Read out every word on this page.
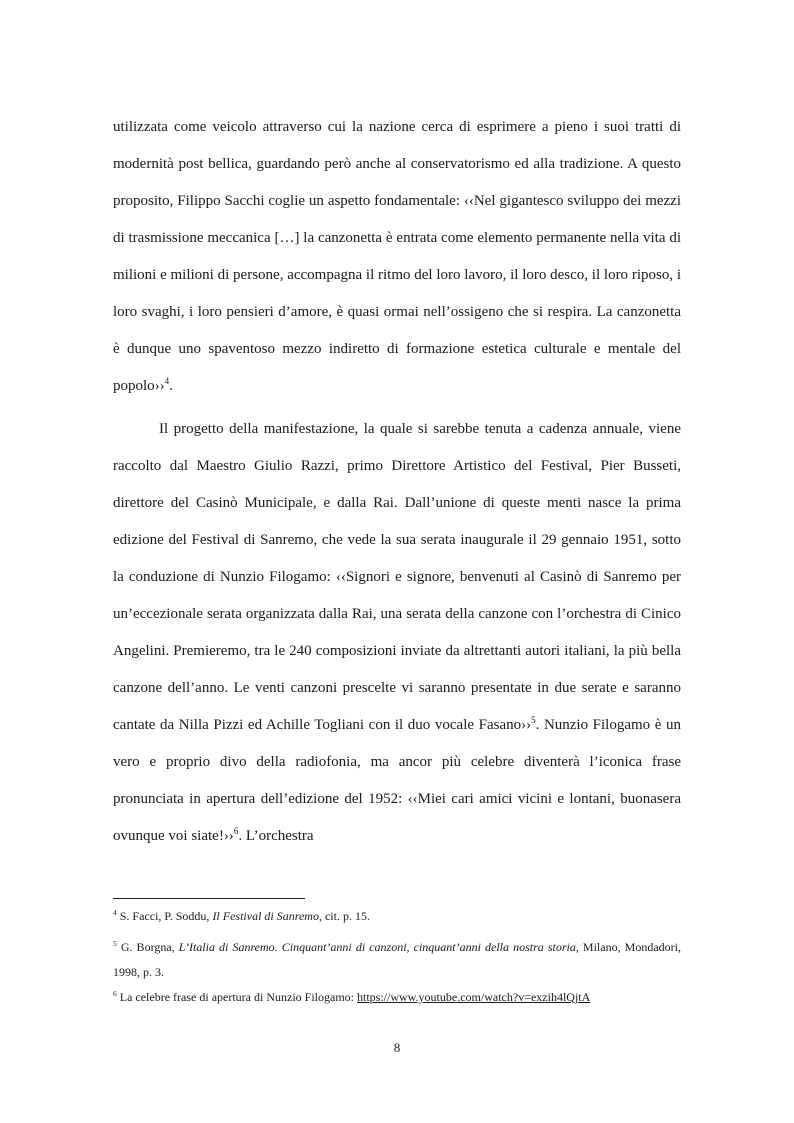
utilizzata come veicolo attraverso cui la nazione cerca di esprimere a pieno i suoi tratti di modernità post bellica, guardando però anche al conservatorismo ed alla tradizione. A questo proposito, Filippo Sacchi coglie un aspetto fondamentale: ‹‹Nel gigantesco sviluppo dei mezzi di trasmissione meccanica […] la canzonetta è entrata come elemento permanente nella vita di milioni e milioni di persone, accompagna il ritmo del loro lavoro, il loro desco, il loro riposo, i loro svaghi, i loro pensieri d’amore, è quasi ormai nell’ossigeno che si respira. La canzonetta è dunque uno spaventoso mezzo indiretto di formazione estetica culturale e mentale del popolo››$^4$.

Il progetto della manifestazione, la quale si sarebbe tenuta a cadenza annuale, viene raccolto dal Maestro Giulio Razzi, primo Direttore Artistico del Festival, Pier Busseti, direttore del Casinò Municipale, e dalla Rai. Dall’unione di queste menti nasce la prima edizione del Festival di Sanremo, che vede la sua serata inaugurale il 29 gennaio 1951, sotto la conduzione di Nunzio Filogamo: ‹‹Signori e signore, benvenuti al Casinò di Sanremo per un’eccezionale serata organizzata dalla Rai, una serata della canzone con l’orchestra di Cinico Angelini. Premieremo, tra le 240 composizioni inviate da altrettanti autori italiani, la più bella canzone dell’anno. Le venti canzoni prescelte vi saranno presentate in due serate e saranno cantate da Nilla Pizzi ed Achille Togliani con il duo vocale Fasano››$^5$. Nunzio Filogamo è un vero e proprio divo della radiofonia, ma ancor più celebre diventerà l’iconica frase pronunciata in apertura dell’edizione del 1952: ‹‹Miei cari amici vicini e lontani, buonasera ovunque voi siate!››$^6$. L’orchestra

$^4$ S. Facci, P. Soddu, Il Festival di Sanremo, cit. p. 15.

$^5$ G. Borgna, L’Italia di Sanremo. Cinquant’anni di canzoni, cinquant’anni della nostra storia, Milano, Mondadori, 1998, p. 3.

$^6$ La celebre frase di apertura di Nunzio Filogamo: https://www.youtube.com/watch?v=exzih4lQjtA

8
